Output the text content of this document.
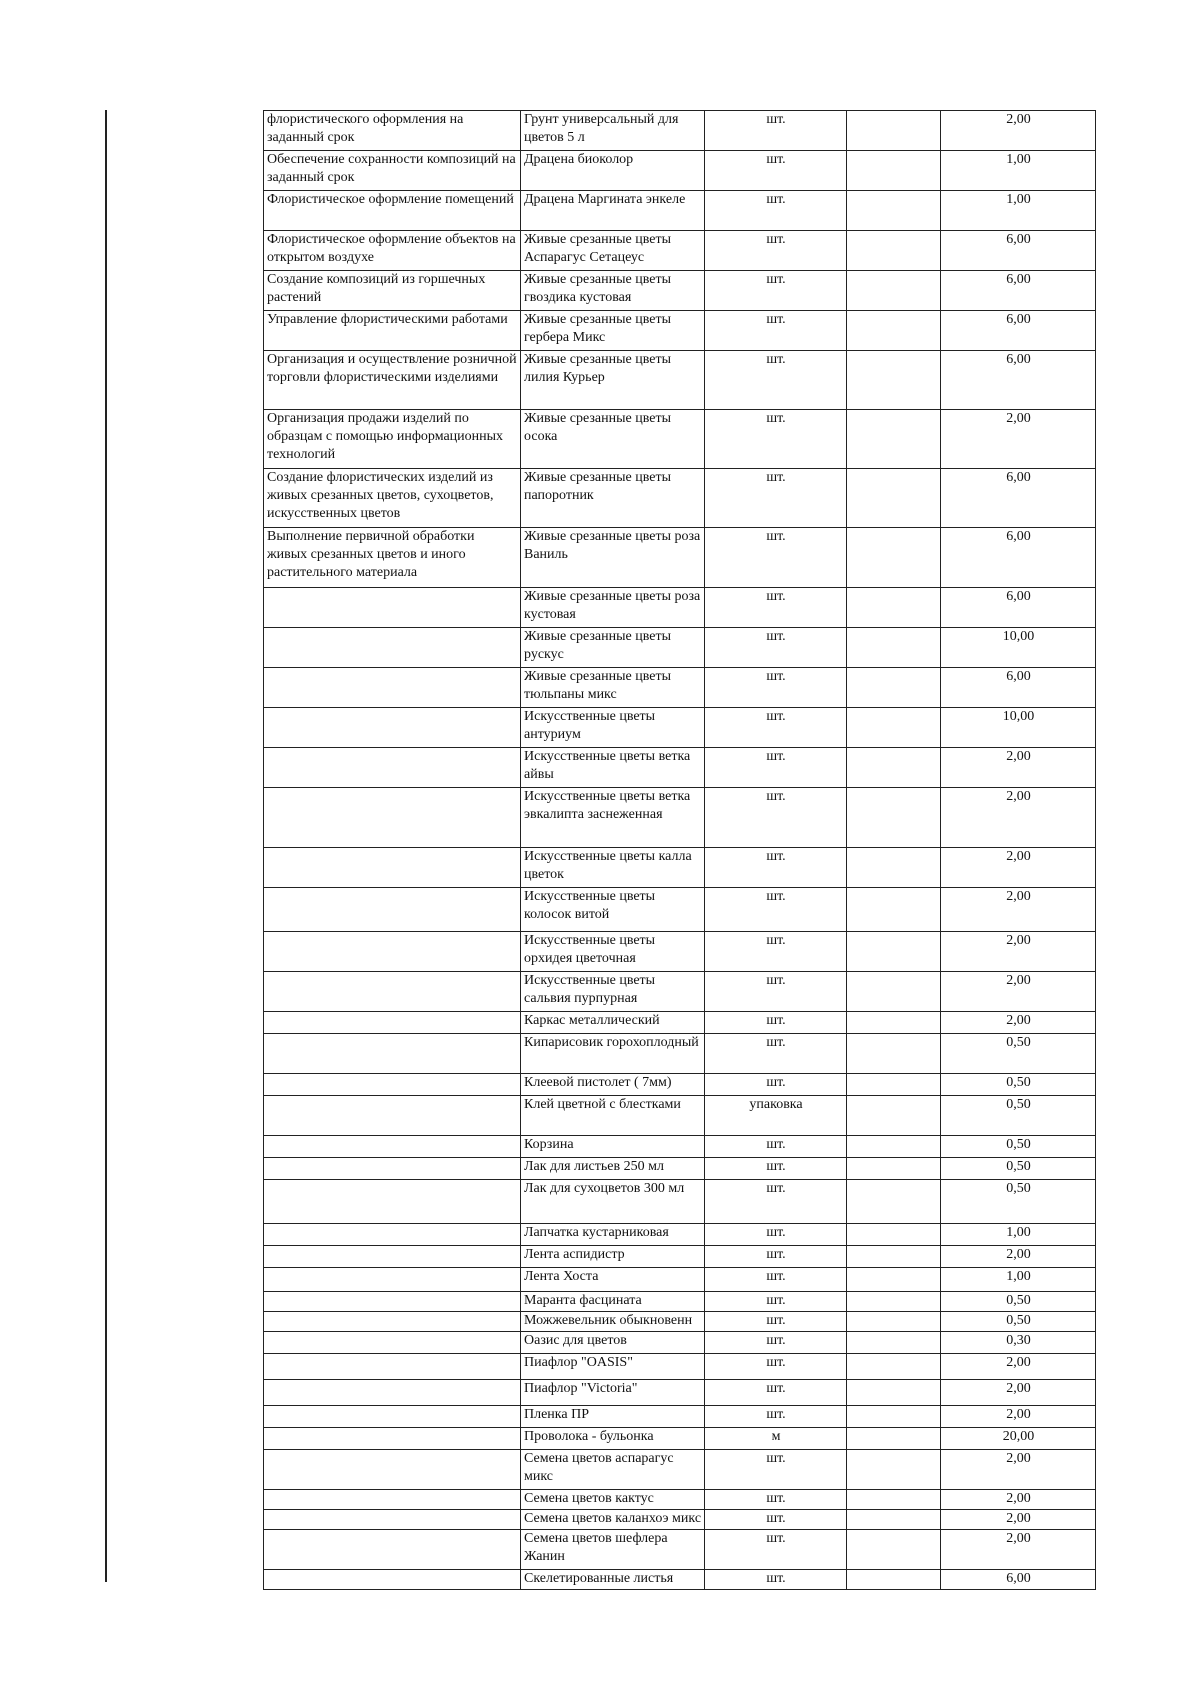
флористического оформления на заданный срок	Грунт универсальный для цветов 5 л	шт.		2,00
Обеспечение сохранности композиций на заданный срок	Драцена биоколор	шт.		1,00
Флористическое оформление помещений	Драцена Маргината энкеле	шт.		1,00
Флористическое оформление объектов на открытом воздухе	Живые срезанные цветы Аспарагус Сетацеус	шт.		6,00
Создание композиций из горшечных растений	Живые срезанные цветы гвоздика кустовая	шт.		6,00
Управление флористическими работами	Живые срезанные цветы гербера Микс	шт.		6,00
Организация и осуществление розничной торговли флористическими изделиями	Живые срезанные цветы лилия Курьер	шт.		6,00
Организация продажи изделий по образцам с помощью информационных технологий	Живые срезанные цветы осока	шт.		2,00
Создание флористических изделий из живых срезанных цветов, сухоцветов, искусственных цветов	Живые срезанные цветы папоротник	шт.		6,00
Выполнение первичной обработки живых срезанных цветов и иного растительного материала	Живые срезанные цветы роза Ваниль	шт.		6,00
	Живые срезанные цветы роза кустовая	шт.		6,00
	Живые срезанные цветы рускус	шт.		10,00
	Живые срезанные цветы тюльпаны микс	шт.		6,00
	Искусственные цветы антуриум	шт.		10,00
	Искусственные цветы ветка айвы	шт.		2,00
	Искусственные цветы ветка эвкалипта заснеженная	шт.		2,00
	Искусственные цветы калла цветок	шт.		2,00
	Искусственные цветы колосок витой	шт.		2,00
	Искусственные цветы орхидея цветочная	шт.		2,00
	Искусственные цветы сальвия пурпурная	шт.		2,00
	Каркас металлический	шт.		2,00
	Кипарисовик горохоплодный	шт.		0,50
	Клеевой пистолет ( 7мм)	шт.		0,50
	Клей цветной с блестками	упаковка		0,50
	Корзина	шт.		0,50
	Лак для листьев 250 мл	шт.		0,50
	Лак для сухоцветов 300 мл	шт.		0,50
	Лапчатка кустарниковая	шт.		1,00
	Лента аспидистр	шт.		2,00
	Лента Хоста	шт.		1,00
	Маранта фасцината	шт.		0,50
	Можжевельник обыкновенн	шт.		0,50
	Оазис для цветов	шт.		0,30
	Пиафлор "OASIS"	шт.		2,00
	Пиафлор "Victoria"	шт.		2,00
	Пленка ПР	шт.		2,00
	Проволока - бульонка	м		20,00
	Семена цветов аспарагус микс	шт.		2,00
	Семена цветов кактус	шт.		2,00
	Семена цветов каланхоэ микс	шт.		2,00
	Семена цветов шефлера Жанин	шт.		2,00
	Скелетированные листья	шт.		6,00
